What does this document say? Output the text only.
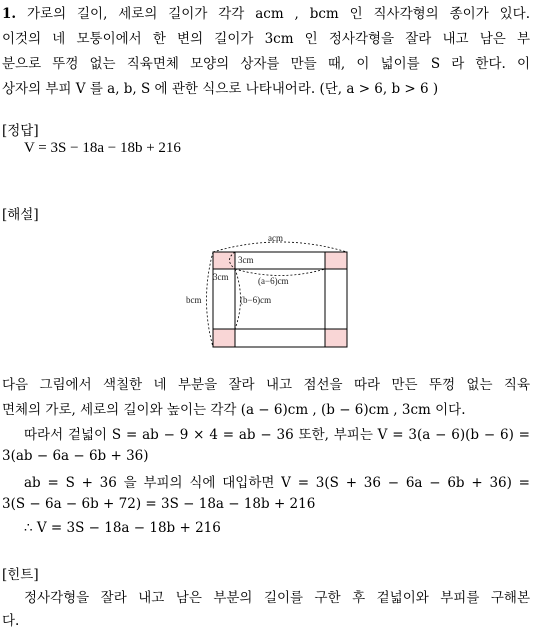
1. 가로의 길이, 세로의 길이가 각각 acm , bcm 인 직사각형의 종이가 있다.
이것의 네 모퉁이에서 한 변의 길이가 3cm 인 정사각형을 잘라 내고 남은 부
분으로 뚜껑 없는 직육면체 모양의 상자를 만들 때, 이 넓이를 S 라 한다. 이
상자의 부피 V 를 a, b, S 에 관한 식으로 나타내어라. (단, a > 6, b > 6 )
[정답]
V = 3S − 18a − 18b + 216
[해설]
acm
3cm
3cm	(a−6)cm
(b−6)cm
bcm
다음 그림에서 색칠한 네 부분을 잘라 내고 점선을 따라 만든 뚜껑 없는 직육
면체의 가로, 세로의 길이와 높이는 각각 (a − 6)cm , (b − 6)cm , 3cm 이다.
따라서 겉넓이 S = ab − 9 × 4 = ab − 36 또한, 부피는 V = 3(a − 6)(b − 6) =
3(ab − 6a − 6b + 36)
ab = S + 36 을 부피의 식에 대입하면 V = 3(S + 36 − 6a − 6b + 36) =
3(S − 6a − 6b + 72) = 3S − 18a − 18b + 216
∴ V = 3S − 18a − 18b + 216
[힌트]
정사각형을 잘라 내고 남은 부분의 길이를 구한 후 겉넓이와 부피를 구해본
다.
